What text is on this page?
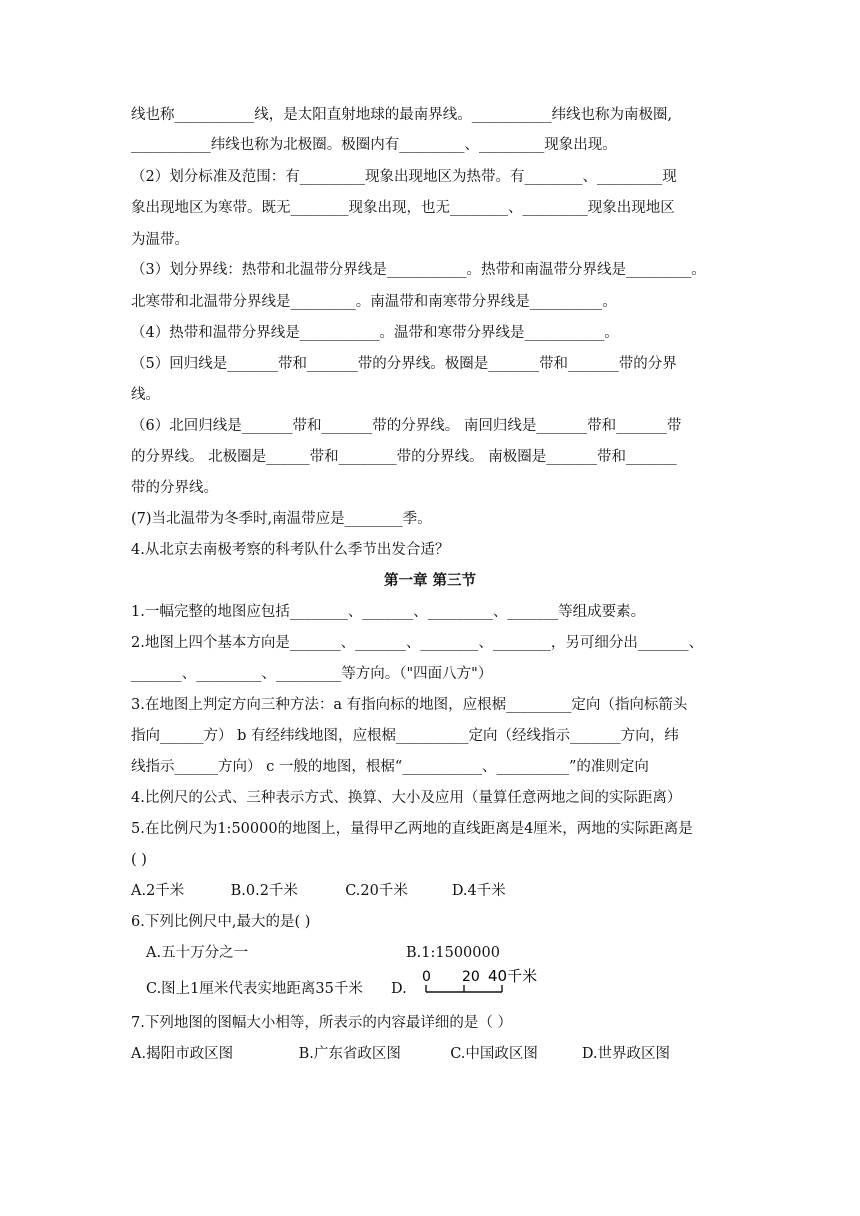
线也称___________线，是太阳直射地球的最南界线。___________纬线也称为南极圈,
___________纬线也称为北极圈。极圈内有_________、_________现象出现。
（2）划分标准及范围：有_________现象出现地区为热带。有________、_________现
象出现地区为寒带。既无________现象出现，也无________、_________现象出现地区
为温带。
（3）划分界线：热带和北温带分界线是___________。热带和南温带分界线是_________。
北寒带和北温带分界线是_________。南温带和南寒带分界线是__________。
（4）热带和温带分界线是___________。温带和寒带分界线是___________。
（5）回归线是_______带和_______带的分界线。极圈是_______带和_______带的分界
线。
（6）北回归线是_______带和_______带的分界线。 南回归线是_______带和_______带
的分界线。 北极圈是______带和________带的分界线。 南极圈是_______带和_______
带的分界线。
(7)当北温带为冬季时,南温带应是________季。
4.从北京去南极考察的科考队什么季节出发合适？
第一章 第三节
1.一幅完整的地图应包括________、_______、_________、_______等组成要素。
2.地图上四个基本方向是_______、_______、________、________，另可细分出_______、
_______、_________、_________等方向。（"四面八方"）
3.在地图上判定方向三种方法：a 有指向标的地图，应根椐_________定向（指向标箭头
指向______方） b 有经纬线地图，应根椐__________定向（经线指示_______方向，纬
线指示______方向） c 一般的地图，根椐“___________、__________”的准则定向
4.比例尺的公式、三种表示方式、换算、大小及应用（量算任意两地之间的实际距离）
5.在比例尺为1:50000的地图上，量得甲乙两地的直线距离是4厘米，两地的实际距离是
( )
A.2千米	B.0.2千米	C.20千米	D.4千米
6.下列比例尺中,最大的是( )
A.五十万分之一	B.1:1500000
C.图上1厘米代表实地距离35千米 D.
0 20 40千米
7.下列地图的图幅大小相等，所表示的内容最详细的是（ ）
A.揭阳市政区图	B.广东省政区图	C.中国政区图	D.世界政区图
